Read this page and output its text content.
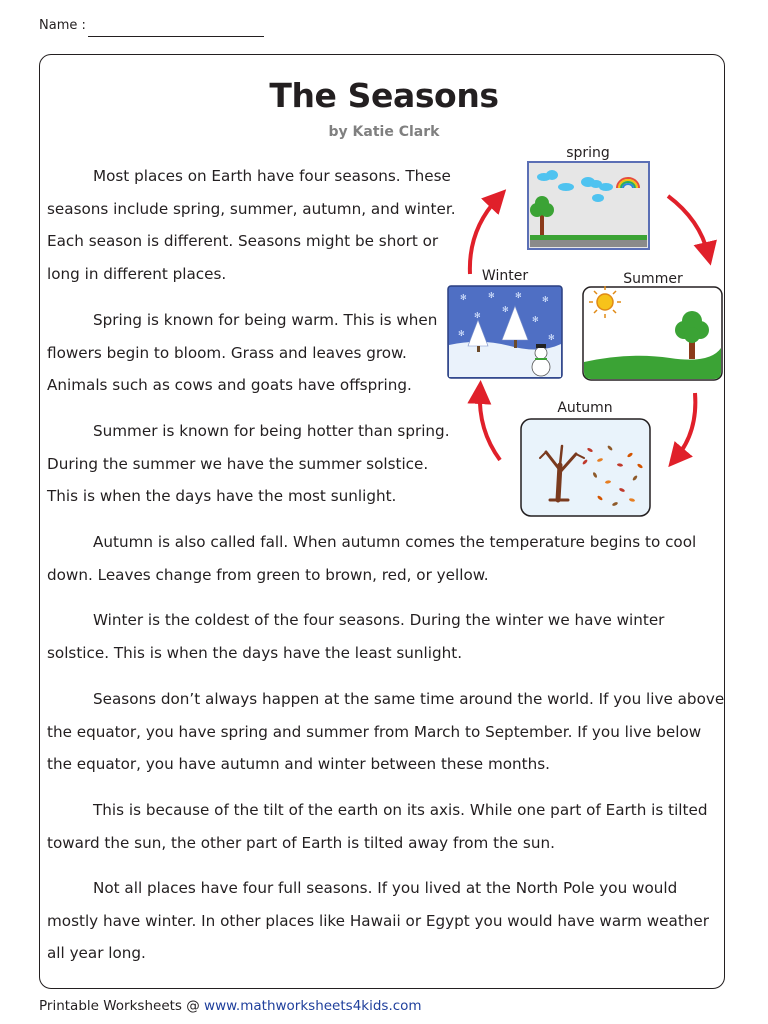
Name :
The Seasons
by Katie Clark

Most places on Earth have four seasons. These seasons include spring, summer, autumn, and winter. Each season is different. Seasons might be short or long in different places.

Spring is known for being warm. This is when flowers begin to bloom. Grass and leaves grow. Animals such as cows and goats have offspring.

Summer is known for being hotter than spring. During the summer we have the summer solstice. This is when the days have the most sunlight.

Autumn is also called fall. When autumn comes the temperature begins to cool down. Leaves change from green to brown, red, or yellow.

Winter is the coldest of the four seasons. During the winter we have winter solstice. This is when the days have the least sunlight.

Seasons don’t always happen at the same time around the world. If you live above the equator, you have spring and summer from March to September. If you live below the equator, you have autumn and winter between these months.

This is because of the tilt of the earth on its axis. While one part of Earth is tilted toward the sun, the other part of Earth is tilted away from the sun.

Not all places have four full seasons. If you lived at the North Pole you would mostly have winter. In other places like Hawaii or Egypt you would have warm weather all year long.

spring
Winter
✻	✻	✻	✻
✻	✻
✻
✻	✻
Summer
Autumn
Printable Worksheets @ www.mathworksheets4kids.com
